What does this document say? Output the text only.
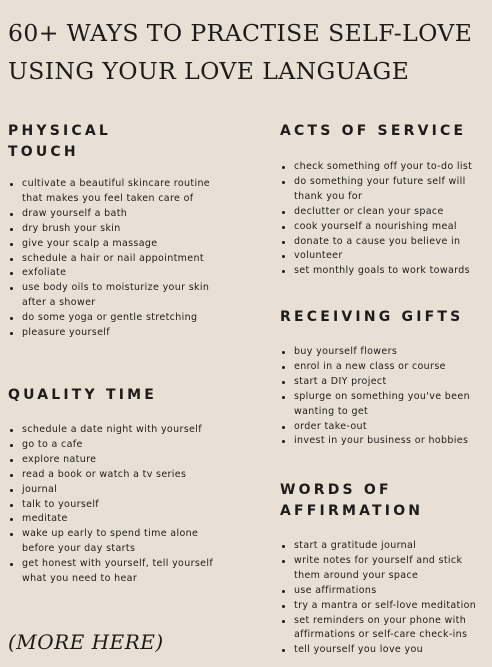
60+ WAYS TO PRACTISE SELF-LOVE USING YOUR LOVE LANGUAGE
PHYSICAL TOUCH
cultivate a beautiful skincare routine that makes you feel taken care of
draw yourself a bath
dry brush your skin
give your scalp a massage
schedule a hair or nail appointment
exfoliate
use body oils to moisturize your skin after a shower
do some yoga or gentle stretching
pleasure yourself
QUALITY TIME
schedule a date night with yourself
go to a cafe
explore nature
read a book or watch a tv series
journal
talk to yourself
meditate
wake up early to spend time alone before your day starts
get honest with yourself, tell yourself what you need to hear
ACTS OF SERVICE
check something off your to-do list
do something your future self will thank you for
declutter or clean your space
cook yourself a nourishing meal
donate to a cause you believe in
volunteer
set monthly goals to work towards
RECEIVING GIFTS
buy yourself flowers
enrol in a new class or course
start a DIY project
splurge on something you've been wanting to get
order take-out
invest in your business or hobbies
WORDS OF AFFIRMATION
start a gratitude journal
write notes for yourself and stick them around your space
use affirmations
try a mantra or self-love meditation
set reminders on your phone with affirmations or self-care check-ins
tell yourself you love you

(MORE HERE)
